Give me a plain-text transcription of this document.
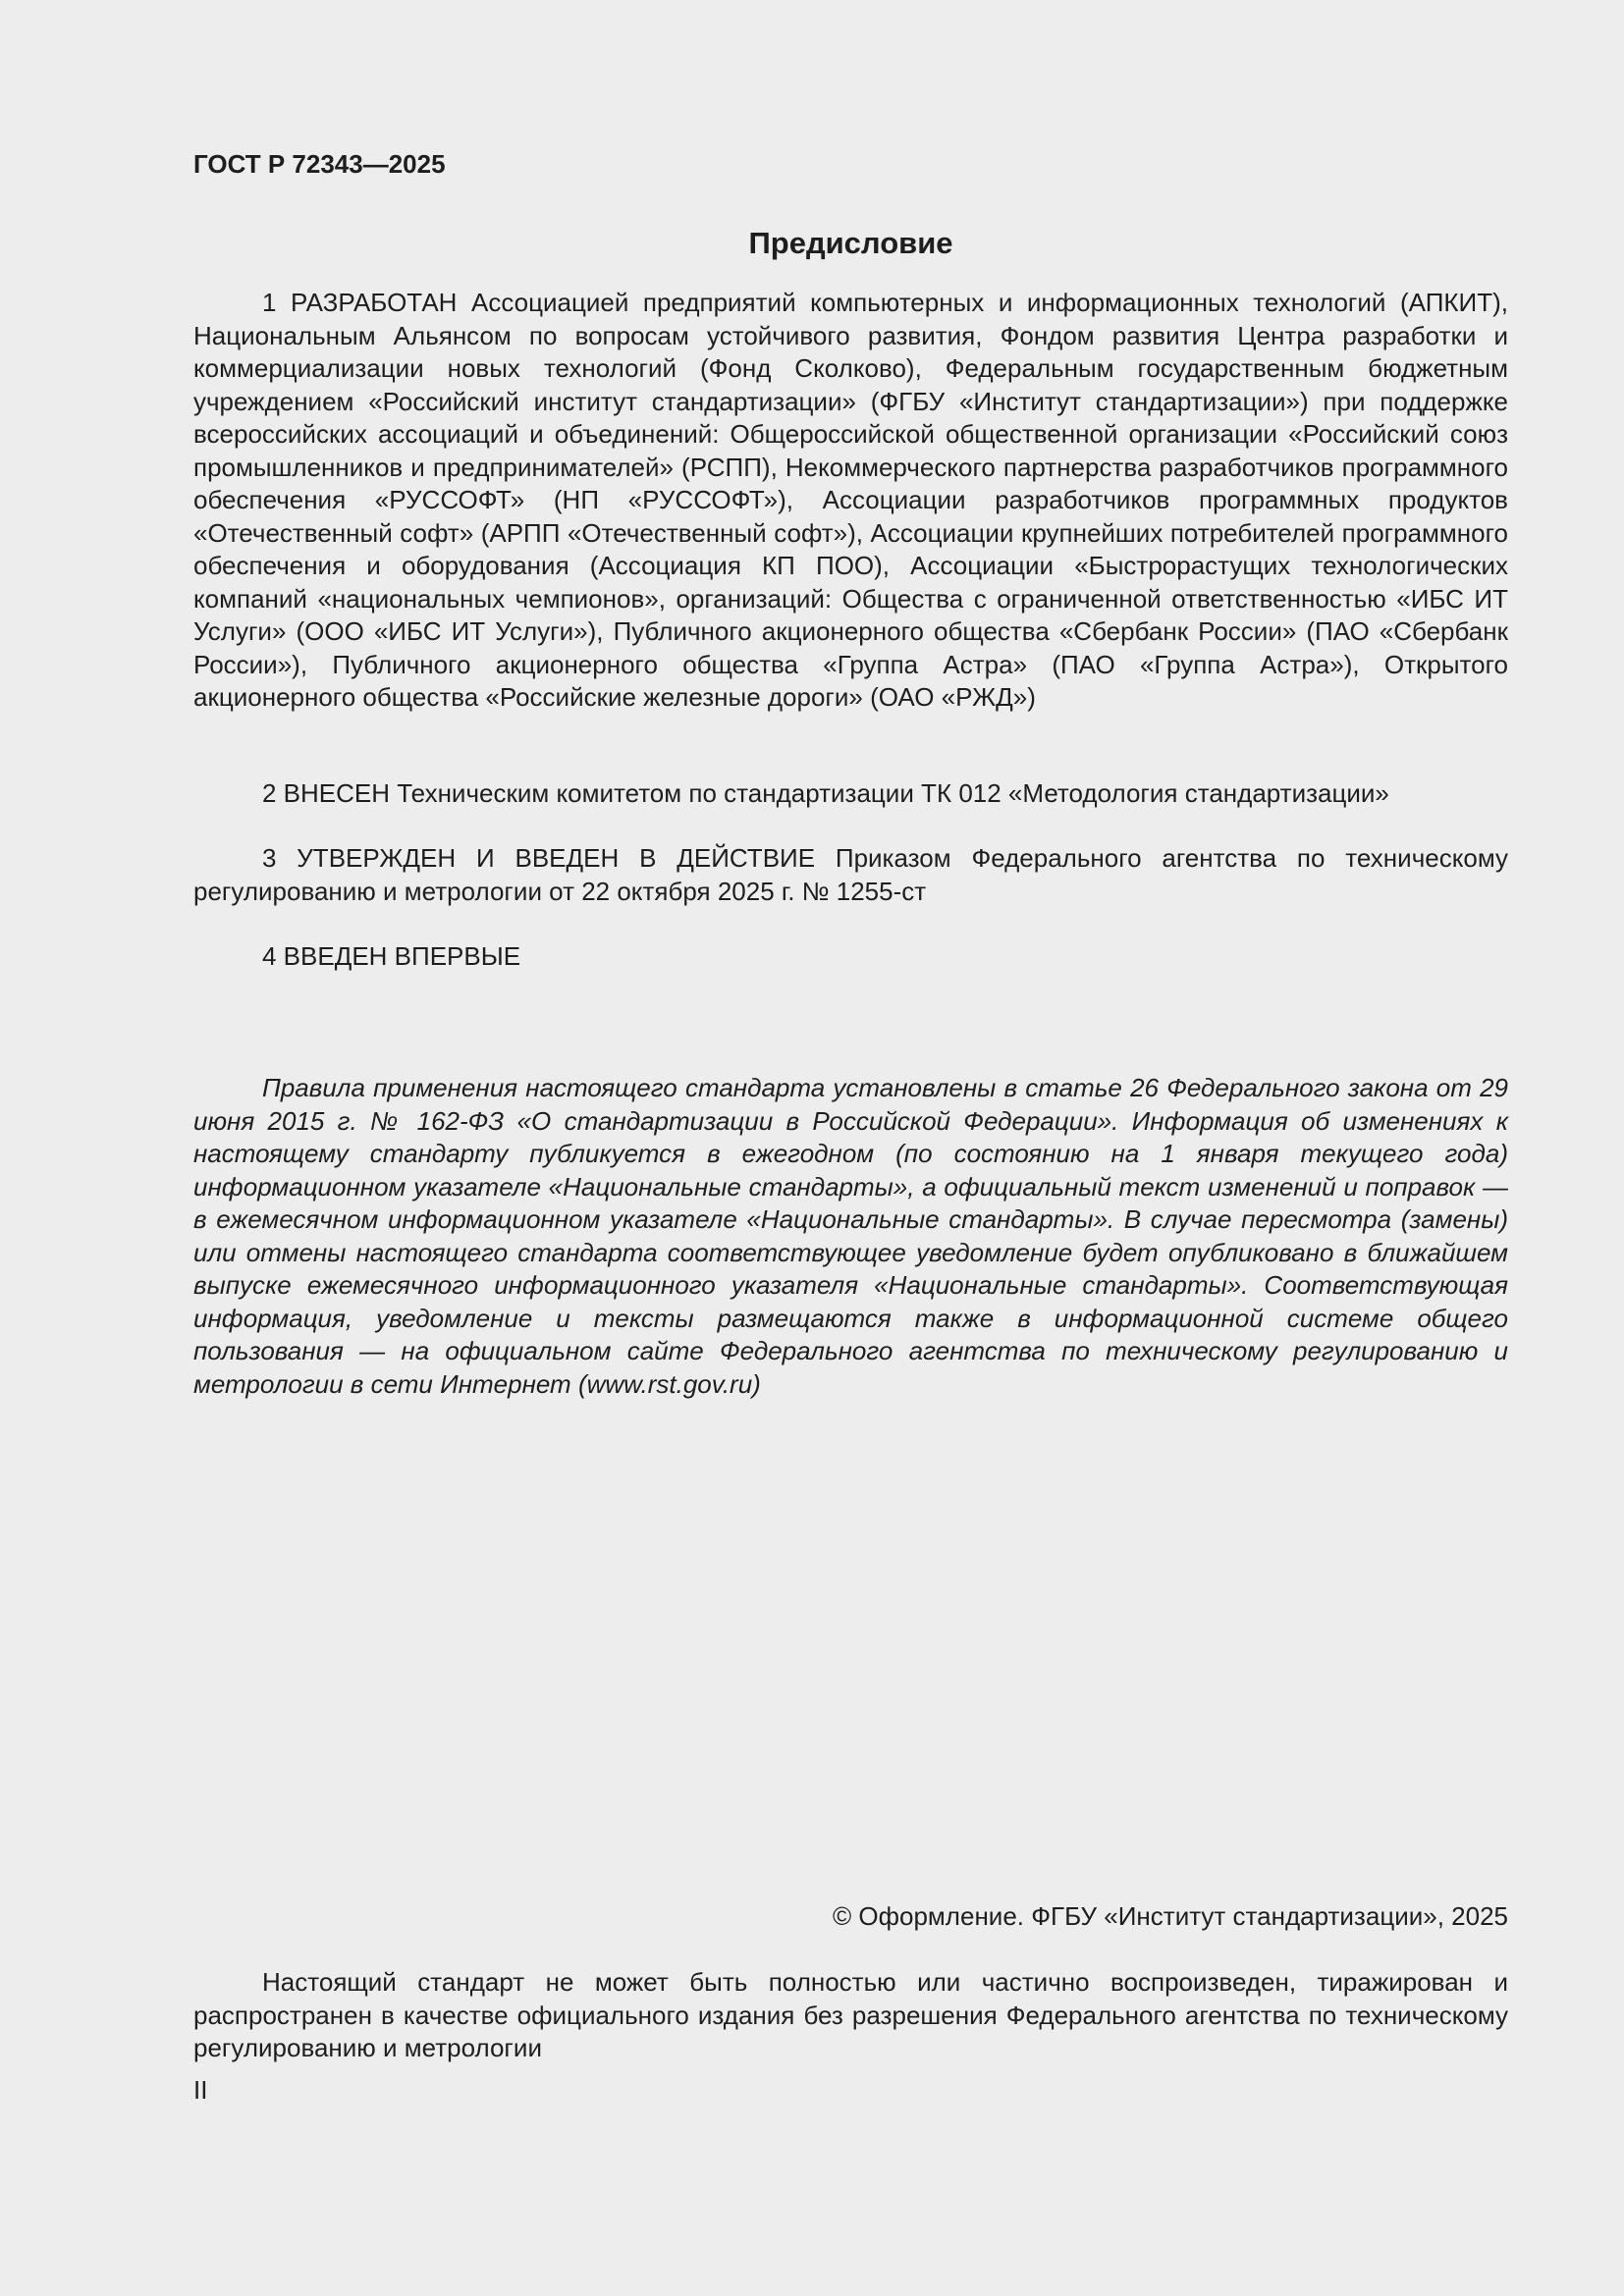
ГОСТ Р 72343—2025
Предисловие
1 РАЗРАБОТАН Ассоциацией предприятий компьютерных и информационных технологий (АПКИТ), Национальным Альянсом по вопросам устойчивого развития, Фондом развития Центра разработки и коммерциализации новых технологий (Фонд Сколково), Федеральным государственным бюджетным учреждением «Российский институт стандартизации» (ФГБУ «Институт стандартизации») при поддержке всероссийских ассоциаций и объединений: Общероссийской общественной организации «Российский союз промышленников и предпринимателей» (РСПП), Некоммерческого партнерства разработчиков программного обеспечения «РУССОФТ» (НП «РУССОФТ»), Ассоциации разработчиков программных продуктов «Отечественный софт» (АРПП «Отечественный софт»), Ассоциации крупнейших потребителей программного обеспечения и оборудования (Ассоциация КП ПОО), Ассоциации «Быстрорастущих технологических компаний «национальных чемпионов», организаций: Общества с ограниченной ответственностью «ИБС ИТ Услуги» (ООО «ИБС ИТ Услуги»), Публичного акционерного общества «Сбербанк России» (ПАО «Сбербанк России»), Публичного акционерного общества «Группа Астра» (ПАО «Группа Астра»), Открытого акционерного общества «Российские железные дороги» (ОАО «РЖД»)
2 ВНЕСЕН Техническим комитетом по стандартизации ТК 012 «Методология стандартизации»
3 УТВЕРЖДЕН И ВВЕДЕН В ДЕЙСТВИЕ Приказом Федерального агентства по техническому регулированию и метрологии от 22 октября 2025 г. № 1255-ст
4 ВВЕДЕН ВПЕРВЫЕ
Правила применения настоящего стандарта установлены в статье 26 Федерального закона от 29 июня 2015 г. № 162-ФЗ «О стандартизации в Российской Федерации». Информация об изменениях к настоящему стандарту публикуется в ежегодном (по состоянию на 1 января текущего года) информационном указателе «Национальные стандарты», а официальный текст изменений и поправок — в ежемесячном информационном указателе «Национальные стандарты». В случае пересмотра (замены) или отмены настоящего стандарта соответствующее уведомление будет опубликовано в ближайшем выпуске ежемесячного информационного указателя «Национальные стандарты». Соответствующая информация, уведомление и тексты размещаются также в информационной системе общего пользования — на официальном сайте Федерального агентства по техническому регулированию и метрологии в сети Интернет (www.rst.gov.ru)
© Оформление. ФГБУ «Институт стандартизации», 2025
Настоящий стандарт не может быть полностью или частично воспроизведен, тиражирован и распространен в качестве официального издания без разрешения Федерального агентства по техническому регулированию и метрологии
II
